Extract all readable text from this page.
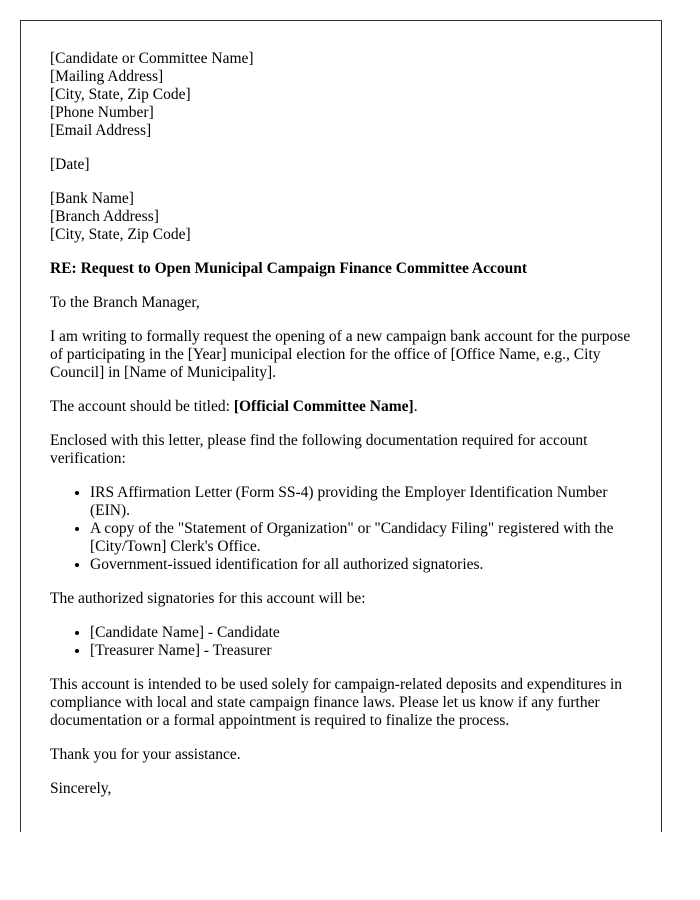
[Candidate or Committee Name]
[Mailing Address]
[City, State, Zip Code]
[Phone Number]
[Email Address]

[Date]

[Bank Name]
[Branch Address]
[City, State, Zip Code]

RE: Request to Open Municipal Campaign Finance Committee Account

To the Branch Manager,

I am writing to formally request the opening of a new campaign bank account for the purpose of participating in the [Year] municipal election for the office of [Office Name, e.g., City Council] in [Name of Municipality].

The account should be titled: [Official Committee Name].

Enclosed with this letter, please find the following documentation required for account verification:

• IRS Affirmation Letter (Form SS-4) providing the Employer Identification Number (EIN).
• A copy of the "Statement of Organization" or "Candidacy Filing" registered with the [City/Town] Clerk's Office.
• Government-issued identification for all authorized signatories.

The authorized signatories for this account will be:

• [Candidate Name] - Candidate
• [Treasurer Name] - Treasurer

This account is intended to be used solely for campaign-related deposits and expenditures in compliance with local and state campaign finance laws. Please let us know if any further documentation or a formal appointment is required to finalize the process.

Thank you for your assistance.

Sincerely,
